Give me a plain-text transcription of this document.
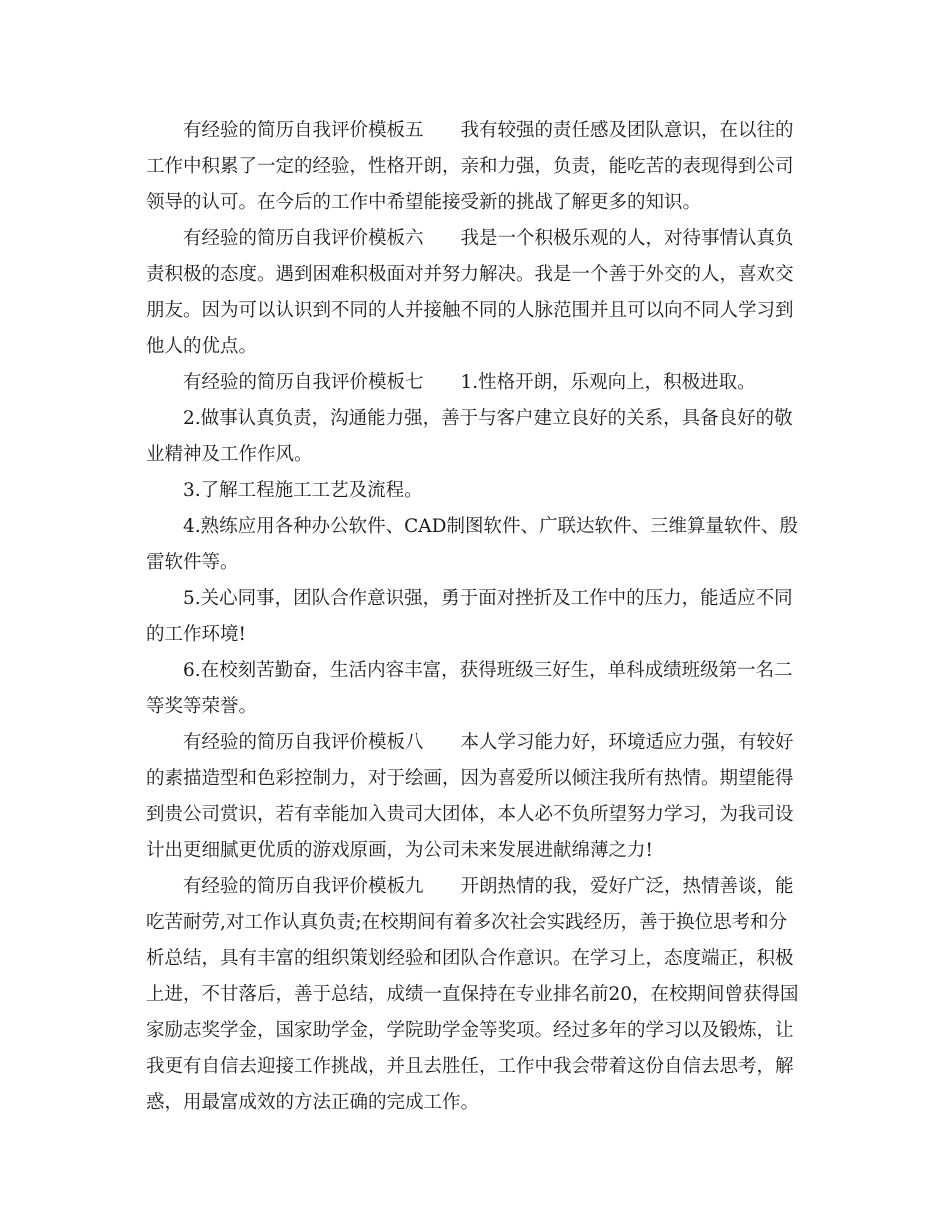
有经验的简历自我评价模板五　　我有较强的责任感及团队意识，在以往的
工作中积累了一定的经验，性格开朗，亲和力强，负责，能吃苦的表现得到公司
领导的认可。在今后的工作中希望能接受新的挑战了解更多的知识。
有经验的简历自我评价模板六　　我是一个积极乐观的人，对待事情认真负
责积极的态度。遇到困难积极面对并努力解决。我是一个善于外交的人，喜欢交
朋友。因为可以认识到不同的人并接触不同的人脉范围并且可以向不同人学习到
他人的优点。
有经验的简历自我评价模板七　　1.性格开朗，乐观向上，积极进取。
2.做事认真负责，沟通能力强，善于与客户建立良好的关系，具备良好的敬
业精神及工作作风。
3.了解工程施工工艺及流程。
4.熟练应用各种办公软件、CAD制图软件、广联达软件、三维算量软件、殷
雷软件等。
5.关心同事，团队合作意识强，勇于面对挫折及工作中的压力，能适应不同
的工作环境!
6.在校刻苦勤奋，生活内容丰富，获得班级三好生，单科成绩班级第一名二
等奖等荣誉。
有经验的简历自我评价模板八　　本人学习能力好，环境适应力强，有较好
的素描造型和色彩控制力，对于绘画，因为喜爱所以倾注我所有热情。期望能得
到贵公司赏识，若有幸能加入贵司大团体，本人必不负所望努力学习，为我司设
计出更细腻更优质的游戏原画，为公司未来发展进献绵薄之力!
有经验的简历自我评价模板九　　开朗热情的我，爱好广泛，热情善谈，能
吃苦耐劳,对工作认真负责;在校期间有着多次社会实践经历，善于换位思考和分
析总结，具有丰富的组织策划经验和团队合作意识。在学习上，态度端正，积极
上进，不甘落后，善于总结，成绩一直保持在专业排名前20，在校期间曾获得国
家励志奖学金，国家助学金，学院助学金等奖项。经过多年的学习以及锻炼，让
我更有自信去迎接工作挑战，并且去胜任，工作中我会带着这份自信去思考，解
惑，用最富成效的方法正确的完成工作。
